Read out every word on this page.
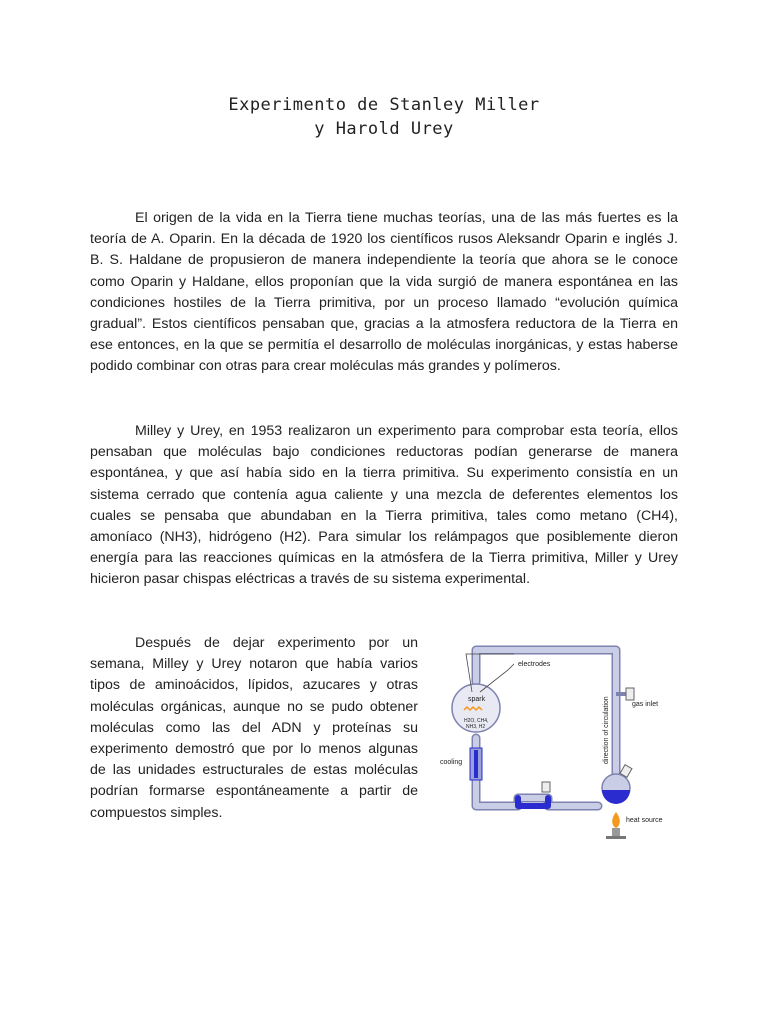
Experimento de Stanley Miller
y Harold Urey

El origen de la vida en la Tierra tiene muchas teorías, una de las más fuertes es la teoría de A. Oparin. En la década de 1920 los científicos rusos Aleksandr Oparin e inglés J. B. S. Haldane de propusieron de manera independiente la teoría que ahora se le conoce como Oparin y Haldane, ellos proponían que la vida surgió de manera espontánea en las condiciones hostiles de la Tierra primitiva, por un proceso llamado “evolución química gradual”. Estos científicos pensaban que, gracias a la atmosfera reductora de la Tierra en ese entonces, en la que se permitía el desarrollo de moléculas inorgánicas, y estas haberse podido combinar con otras para crear moléculas más grandes y polímeros.

Milley y Urey, en 1953 realizaron un experimento para comprobar esta teoría, ellos pensaban que moléculas bajo condiciones reductoras podían generarse de manera espontánea, y que así había sido en la tierra primitiva. Su experimento consistía en un sistema cerrado que contenía agua caliente y una mezcla de deferentes elementos los cuales se pensaba que abundaban en la Tierra primitiva, tales como metano (CH4), amoníaco (NH3), hidrógeno (H2). Para simular los relámpagos que posiblemente dieron energía para las reacciones químicas en la atmósfera de la Tierra primitiva, Miller y Urey hicieron pasar chispas eléctricas a través de su sistema experimental.

Después de dejar experimento por un semana, Milley y Urey notaron que había varios tipos de aminoácidos, lípidos, azucares y otras moléculas orgánicas, aunque no se pudo obtener moléculas como las del ADN y proteínas su experimento demostró que por lo menos algunas de las unidades estructurales de estas moléculas podrían formarse espontáneamente a partir de compuestos simples.

gas inlet
direction of circulation
spark
H2O, CH4,
NH3, H2
electrodes
cooling
heat source
